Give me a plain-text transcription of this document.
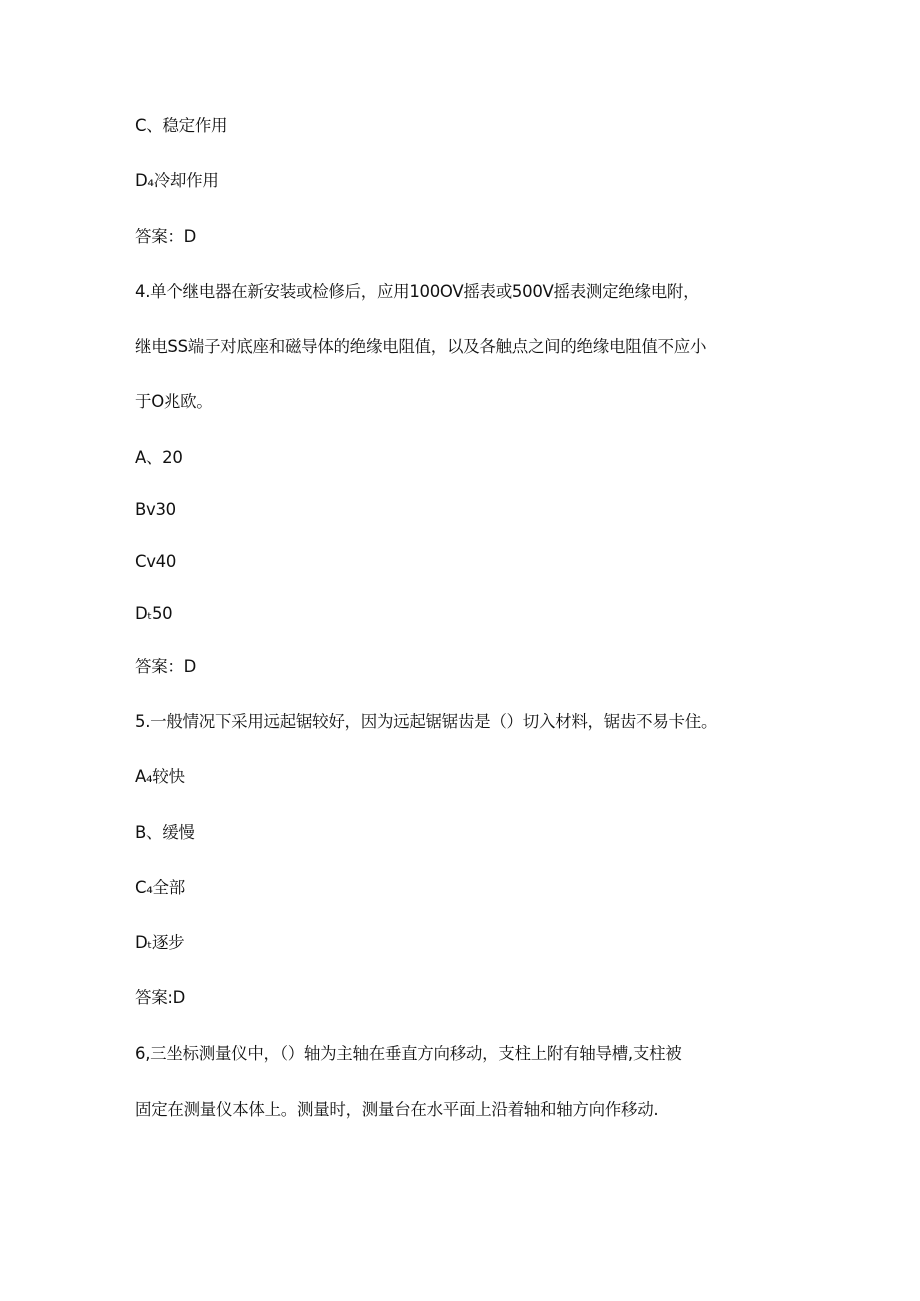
C、稳定作用
D₄冷却作用
答案：D
4.单个继电器在新安装或检修后，应用100OV摇表或500V摇表测定绝缘电附，
继电SS端子对底座和磁导体的绝缘电阻值，以及各触点之间的绝缘电阻值不应小
于O兆欧。
A、20
Bv30
Cv40
Dₜ50
答案：D
5.一般情况下采用远起锯较好，因为远起锯锯齿是（）切入材料，锯齿不易卡住。
A₄较快
B、缓慢
C₄全部
Dₜ逐步
答案:D
6,三坐标测量仪中，（）轴为主轴在垂直方向移动，支柱上附有轴导槽,支柱被
固定在测量仪本体上。测量时，测量台在水平面上沿着轴和轴方向作移动.
